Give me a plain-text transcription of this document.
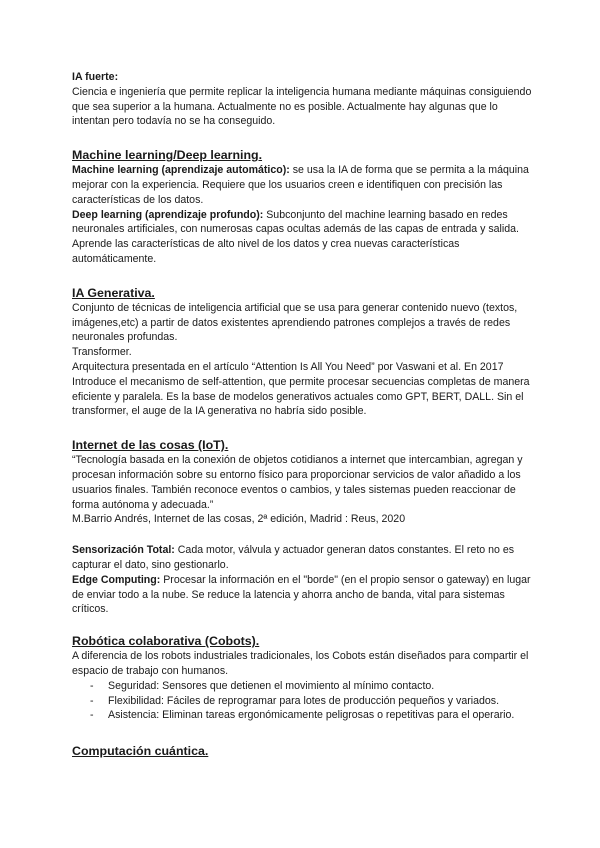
IA fuerte:

Ciencia e ingeniería que permite replicar la inteligencia humana mediante máquinas consiguiendo que sea superior a la humana. Actualmente no es posible. Actualmente hay algunas que lo intentan pero todavía no se ha conseguido.

Machine learning/Deep learning.

Machine learning (aprendizaje automático): se usa la IA de forma que se permita a la máquina mejorar con la experiencia. Requiere que los usuarios creen e identifiquen con precisión las características de los datos.

Deep learning (aprendizaje profundo): Subconjunto del machine learning basado en redes neuronales artificiales, con numerosas capas ocultas además de las capas de entrada y salida. Aprende las características de alto nivel de los datos y crea nuevas características automáticamente.

IA Generativa.

Conjunto de técnicas de inteligencia artificial que se usa para generar contenido nuevo (textos, imágenes,etc) a partir de datos existentes aprendiendo patrones complejos a través de redes neuronales profundas.

Transformer.

Arquitectura presentada en el artículo “Attention Is All You Need” por Vaswani et al. En 2017 Introduce el mecanismo de self-attention, que permite procesar secuencias completas de manera eficiente y paralela. Es la base de modelos generativos actuales como GPT, BERT, DALL. Sin el transformer, el auge de la IA generativa no habría sido posible.

Internet de las cosas (IoT).

“Tecnología basada en la conexión de objetos cotidianos a internet que intercambian, agregan y procesan información sobre su entorno físico para proporcionar servicios de valor añadido a los usuarios finales. También reconoce eventos o cambios, y tales sistemas pueden reaccionar de forma autónoma y adecuada.”

M.Barrio Andrés, Internet de las cosas, 2ª edición, Madrid : Reus, 2020

Sensorización Total: Cada motor, válvula y actuador generan datos constantes. El reto no es capturar el dato, sino gestionarlo.

Edge Computing: Procesar la información en el "borde" (en el propio sensor o gateway) en lugar de enviar todo a la nube. Se reduce la latencia y ahorra ancho de banda, vital para sistemas críticos.

Robótica colaborativa (Cobots).

A diferencia de los robots industriales tradicionales, los Cobots están diseñados para compartir el espacio de trabajo con humanos.

- Seguridad: Sensores que detienen el movimiento al mínimo contacto.
- Flexibilidad: Fáciles de reprogramar para lotes de producción pequeños y variados.
- Asistencia: Eliminan tareas ergonómicamente peligrosas o repetitivas para el operario.
Computación cuántica.
